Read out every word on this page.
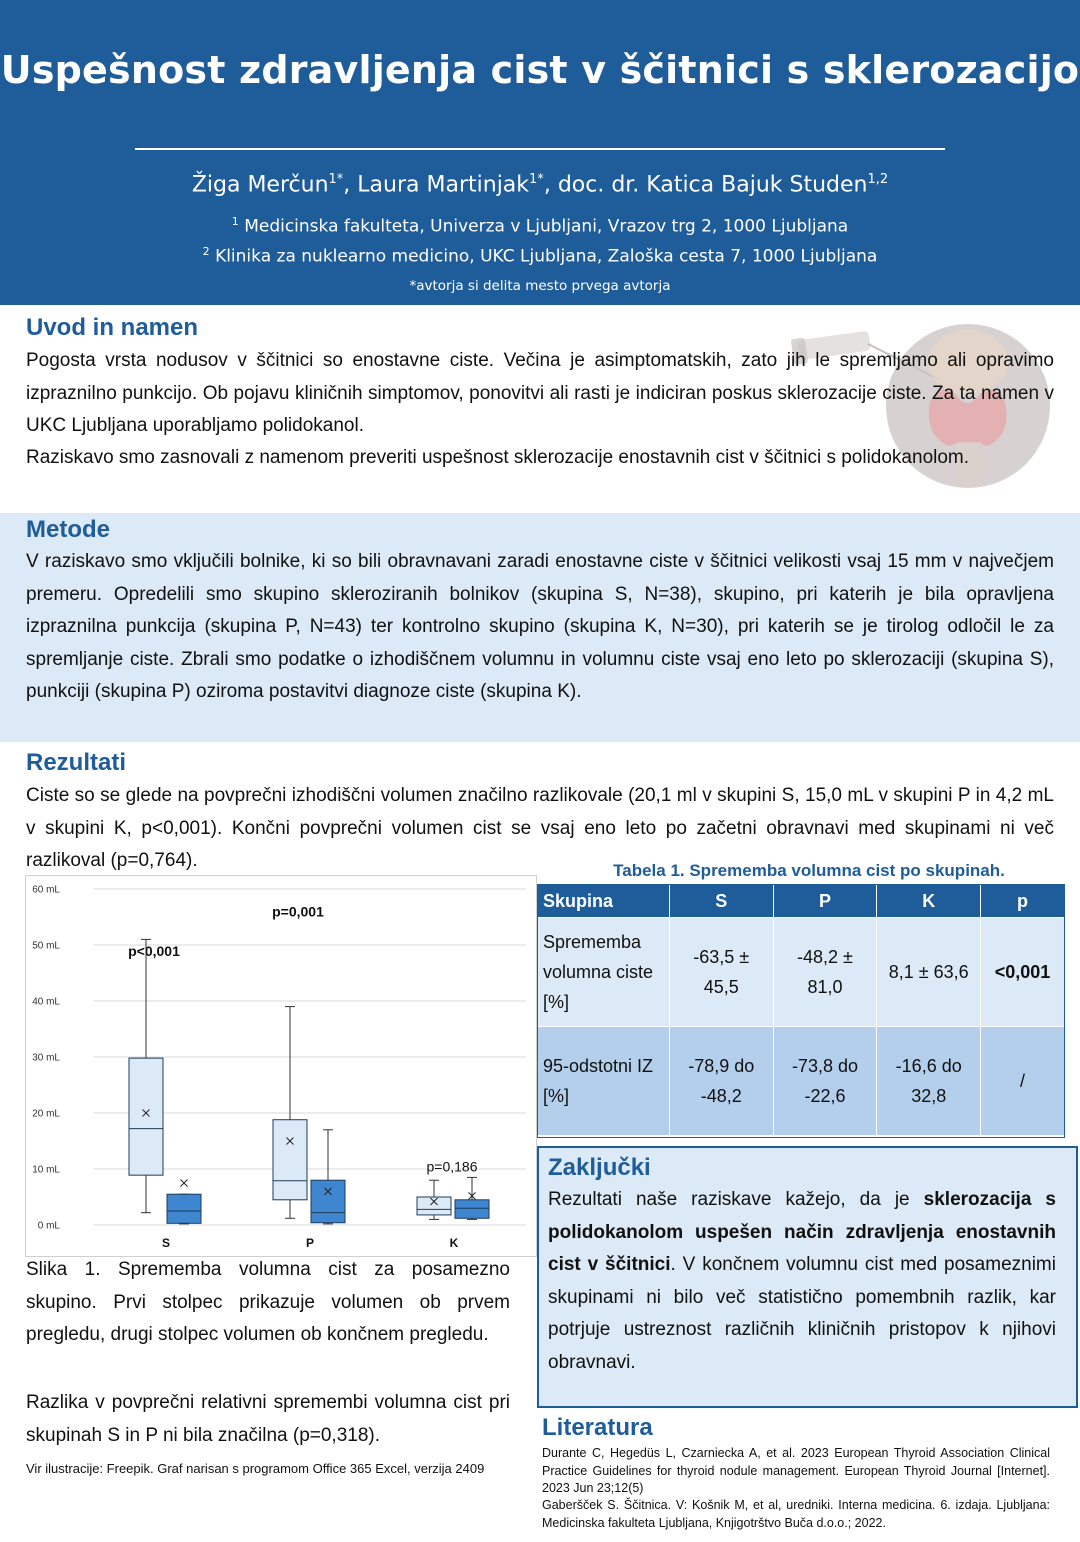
Uspešnost zdravljenja cist v ščitnici s sklerozacijo
Žiga Merčun$^{1*}$, Laura Martinjak$^{1*}$, doc. dr. Katica Bajuk Studen$^{1,2}$
$^1$ Medicinska fakulteta, Univerza v Ljubljani, Vrazov trg 2, 1000 Ljubljana
$^2$ Klinika za nuklearno medicino, UKC Ljubljana, Zaloška cesta 7, 1000 Ljubljana
*avtorja si delita mesto prvega avtorja
Uvod in namen
Pogosta vrsta nodusov v ščitnici so enostavne ciste. Večina je asimptomatskih, zato jih le spremljamo ali opravimo izpraznilno punkcijo. Ob pojavu kliničnih simptomov, ponovitvi ali rasti je indiciran poskus sklerozacije ciste. Za ta namen v UKC Ljubljana uporabljamo polidokanol.
Raziskavo smo zasnovali z namenom preveriti uspešnost sklerozacije enostavnih cist v ščitnici s polidokanolom.
Metode
V raziskavo smo vključili bolnike, ki so bili obravnavani zaradi enostavne ciste v ščitnici velikosti vsaj 15 mm v največjem premeru. Opredelili smo skupino skleroziranih bolnikov (skupina S, N=38), skupino, pri katerih je bila opravljena izpraznilna punkcija (skupina P, N=43) ter kontrolno skupino (skupina K, N=30), pri katerih se je tirolog odločil le za spremljanje ciste. Zbrali smo podatke o izhodiščnem volumnu in volumnu ciste vsaj eno leto po sklerozaciji (skupina S), punkciji (skupina P) oziroma postavitvi diagnoze ciste (skupina K).
Rezultati
Ciste so se glede na povprečni izhodiščni volumen značilno razlikovale (20,1 ml v skupini S, 15,0 mL v skupini P in 4,2 mL v skupini K, p<0,001). Končni povprečni volumen cist se vsaj eno leto po začetni obravnavi med skupinami ni več razlikoval (p=0,764).
0 mL
10 mL
20 mL
30 mL
40 mL
50 mL
60 mL
S
p<0,001
P
p=0,001
K
p=0,186
Tabela 1. Sprememba volumna cist po skupinah.
Skupina	S	P	K	p
Sprememba volumna ciste [%]	-63,5 ± 45,5	-48,2 ± 81,0	8,1 ± 63,6	<0,001
95-odstotni IZ [%]	-78,9 do -48,2	-73,8 do -22,6	-16,6 do 32,8	/
Zaključki
Rezultati naše raziskave kažejo, da je sklerozacija s polidokanolom uspešen način zdravljenja enostavnih cist v ščitnici. V končnem volumnu cist med posameznimi skupinami ni bilo več statistično pomembnih razlik, kar potrjuje ustreznost različnih kliničnih pristopov k njihovi obravnavi.
Slika 1. Sprememba volumna cist za posamezno skupino. Prvi stolpec prikazuje volumen ob prvem pregledu, drugi stolpec volumen ob končnem pregledu.
Razlika v povprečni relativni spremembi volumna cist pri skupinah S in P ni bila značilna (p=0,318).
Vir ilustracije: Freepik. Graf narisan s programom Office 365 Excel, verzija 2409
Literatura
Durante C, Hegedüs L, Czarniecka A, et al. 2023 European Thyroid Association Clinical Practice Guidelines for thyroid nodule management. European Thyroid Journal [Internet]. 2023 Jun 23;12(5)
Gaberšček S. Ščitnica. V: Košnik M, et al, uredniki. Interna medicina. 6. izdaja. Ljubljana: Medicinska fakulteta Ljubljana, Knjigotrštvo Buča d.o.o.; 2022.
